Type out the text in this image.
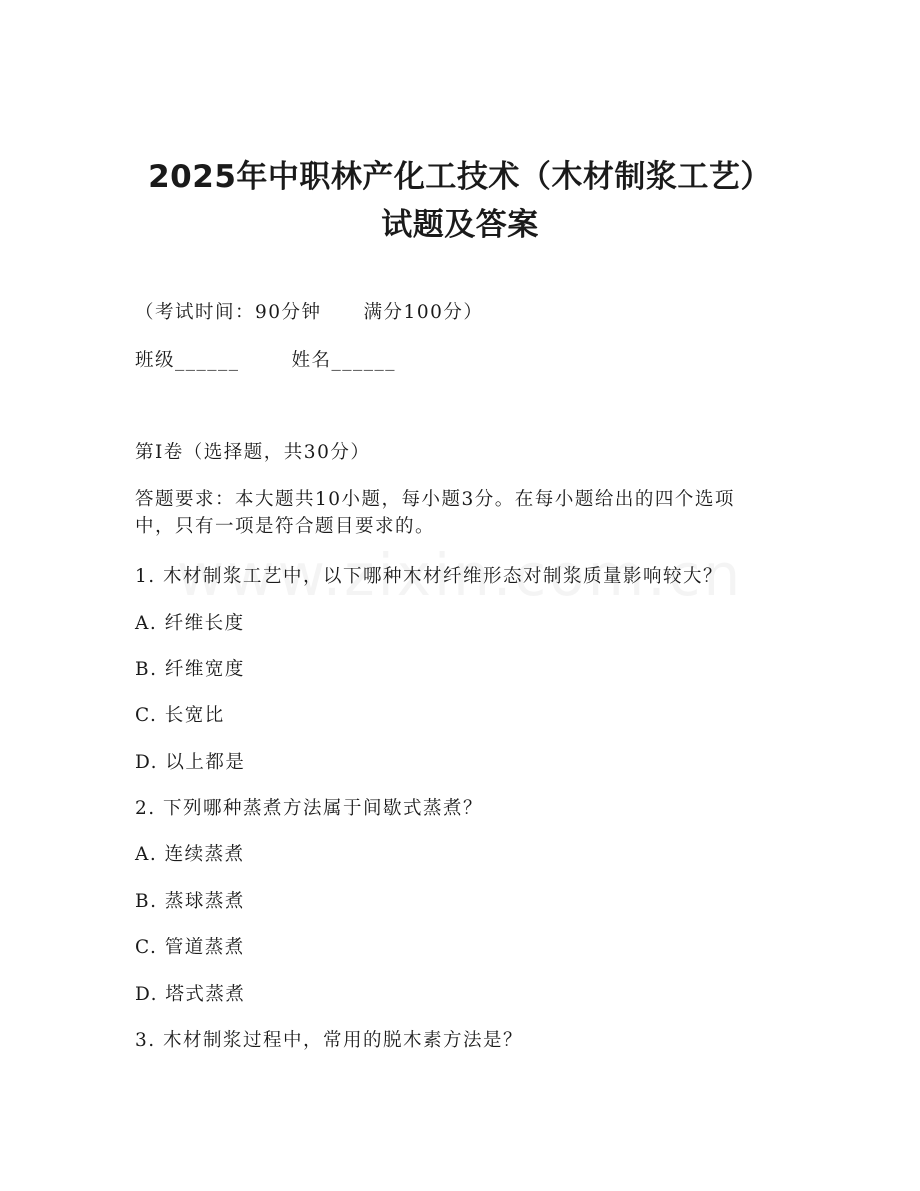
2025年中职林产化工技术（木材制浆工艺）
试题及答案
（考试时间：90分钟 满分100分）
班级______	姓名______
第I卷（选择题，共30分）
答题要求：本大题共10小题，每小题3分。在每小题给出的四个选项
中，只有一项是符合题目要求的。
1. 木材制浆工艺中，以下哪种木材纤维形态对制浆质量影响较大？
A. 纤维长度
B. 纤维宽度
C. 长宽比
D. 以上都是
2. 下列哪种蒸煮方法属于间歇式蒸煮？
A. 连续蒸煮
B. 蒸球蒸煮
C. 管道蒸煮
D. 塔式蒸煮
3. 木材制浆过程中，常用的脱木素方法是？
